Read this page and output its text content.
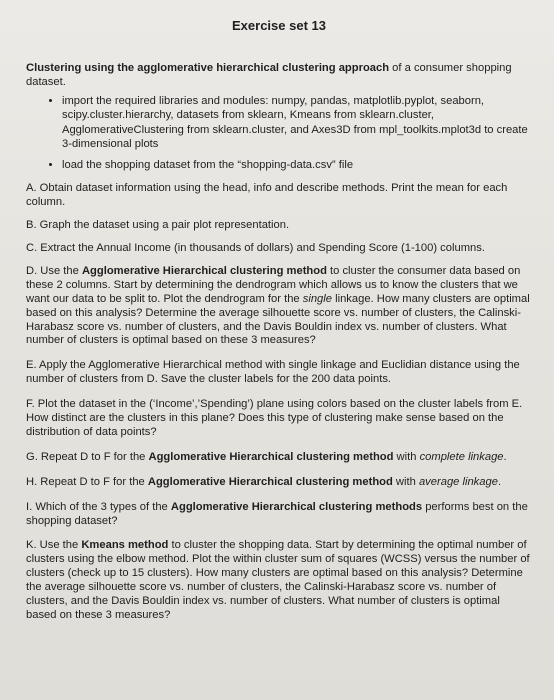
Exercise set 13

Clustering using the agglomerative hierarchical clustering approach of a consumer shopping dataset.

• import the required libraries and modules: numpy, pandas, matplotlib.pyplot, seaborn, scipy.cluster.hierarchy, datasets from sklearn, Kmeans from sklearn.cluster, AgglomerativeClustering from sklearn.cluster, and Axes3D from mpl_toolkits.mplot3d to create 3-dimensional plots
• load the shopping dataset from the “shopping-data.csv” file

A. Obtain dataset information using the head, info and describe methods. Print the mean for each column.

B. Graph the dataset using a pair plot representation.

C. Extract the Annual Income (in thousands of dollars) and Spending Score (1-100) columns.

D. Use the Agglomerative Hierarchical clustering method to cluster the consumer data based on these 2 columns. Start by determining the dendrogram which allows us to know the clusters that we want our data to be split to. Plot the dendrogram for the single linkage. How many clusters are optimal based on this analysis? Determine the average silhouette score vs. number of clusters, the Calinski-Harabasz score vs. number of clusters, and the Davis Bouldin index vs. number of clusters. What number of clusters is optimal based on these 3 measures?

E. Apply the Agglomerative Hierarchical method with single linkage and Euclidian distance using the number of clusters from D. Save the cluster labels for the 200 data points.

F. Plot the dataset in the (‘Income’,’Spending’) plane using colors based on the cluster labels from E. How distinct are the clusters in this plane? Does this type of clustering make sense based on the distribution of data points?

G. Repeat D to F for the Agglomerative Hierarchical clustering method with complete linkage.

H. Repeat D to F for the Agglomerative Hierarchical clustering method with average linkage.

I. Which of the 3 types of the Agglomerative Hierarchical clustering methods performs best on the shopping dataset?

K. Use the Kmeans method to cluster the shopping data. Start by determining the optimal number of clusters using the elbow method. Plot the within cluster sum of squares (WCSS) versus the number of clusters (check up to 15 clusters). How many clusters are optimal based on this analysis? Determine the average silhouette score vs. number of clusters, the Calinski-Harabasz score vs. number of clusters, and the Davis Bouldin index vs. number of clusters. What number of clusters is optimal based on these 3 measures?
